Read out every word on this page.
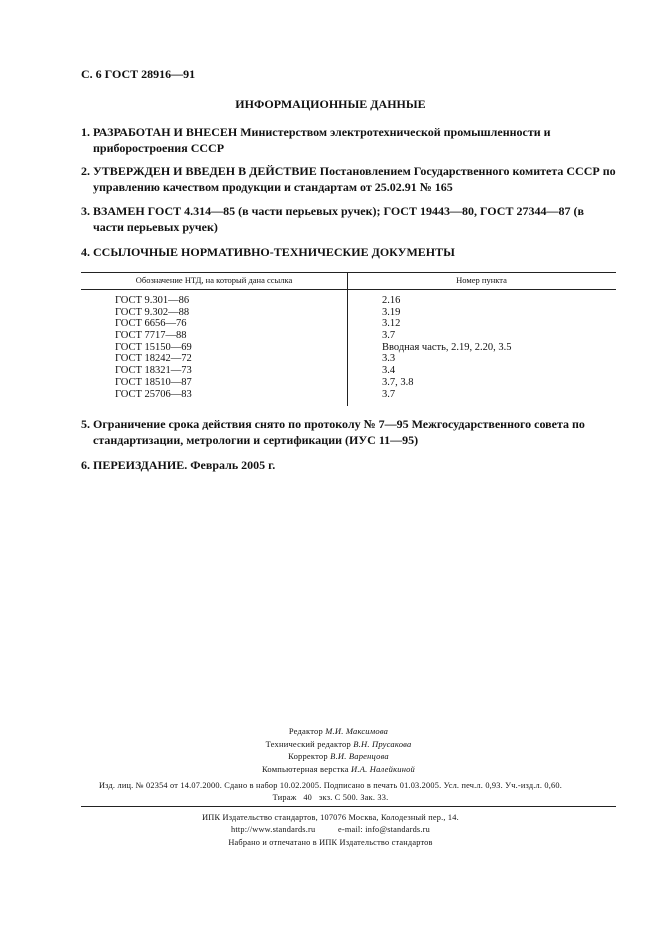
С. 6 ГОСТ 28916—91
ИНФОРМАЦИОННЫЕ ДАННЫЕ
1. РАЗРАБОТАН И ВНЕСЕН Министерством электротехнической промышленности и приборостроения СССР
2. УТВЕРЖДЕН И ВВЕДЕН В ДЕЙСТВИЕ Постановлением Государственного комитета СССР по управлению качеством продукции и стандартам от 25.02.91 № 165
3. ВЗАМЕН ГОСТ 4.314—85 (в части перьевых ручек); ГОСТ 19443—80, ГОСТ 27344—87 (в части перьевых ручек)
4. ССЫЛОЧНЫЕ НОРМАТИВНО-ТЕХНИЧЕСКИЕ ДОКУМЕНТЫ
Обозначение НТД, на который дана ссылка	Номер пункта
ГОСТ 9.301—86
ГОСТ 9.302—88
ГОСТ 6656—76
ГОСТ 7717—88
ГОСТ 15150—69
ГОСТ 18242—72
ГОСТ 18321—73
ГОСТ 18510—87
ГОСТ 25706—83
2.16
3.19
3.12
3.7
Вводная часть, 2.19, 2.20, 3.5
3.3
3.4
3.7, 3.8
3.7
5. Ограничение срока действия снято по протоколу № 7—95 Межгосударственного совета по стандартизации, метрологии и сертификации (ИУС 11—95)
6. ПЕРЕИЗДАНИЕ. Февраль 2005 г.
Редактор М.И. Максимова
Технический редактор В.Н. Прусакова
Корректор В.И. Варенцова
Компьютерная верстка И.А. Налейкиной
Изд. лиц. № 02354 от 14.07.2000. Сдано в набор 10.02.2005. Подписано в печать 01.03.2005. Усл. печ.л. 0,93. Уч.-изд.л. 0,60.
Тираж   40   экз. С 500. Зак. 33.
ИПК Издательство стандартов, 107076 Москва, Колодезный пер., 14.
http://www.standards.ru          e-mail: info@standards.ru
Набрано и отпечатано в ИПК Издательство стандартов
